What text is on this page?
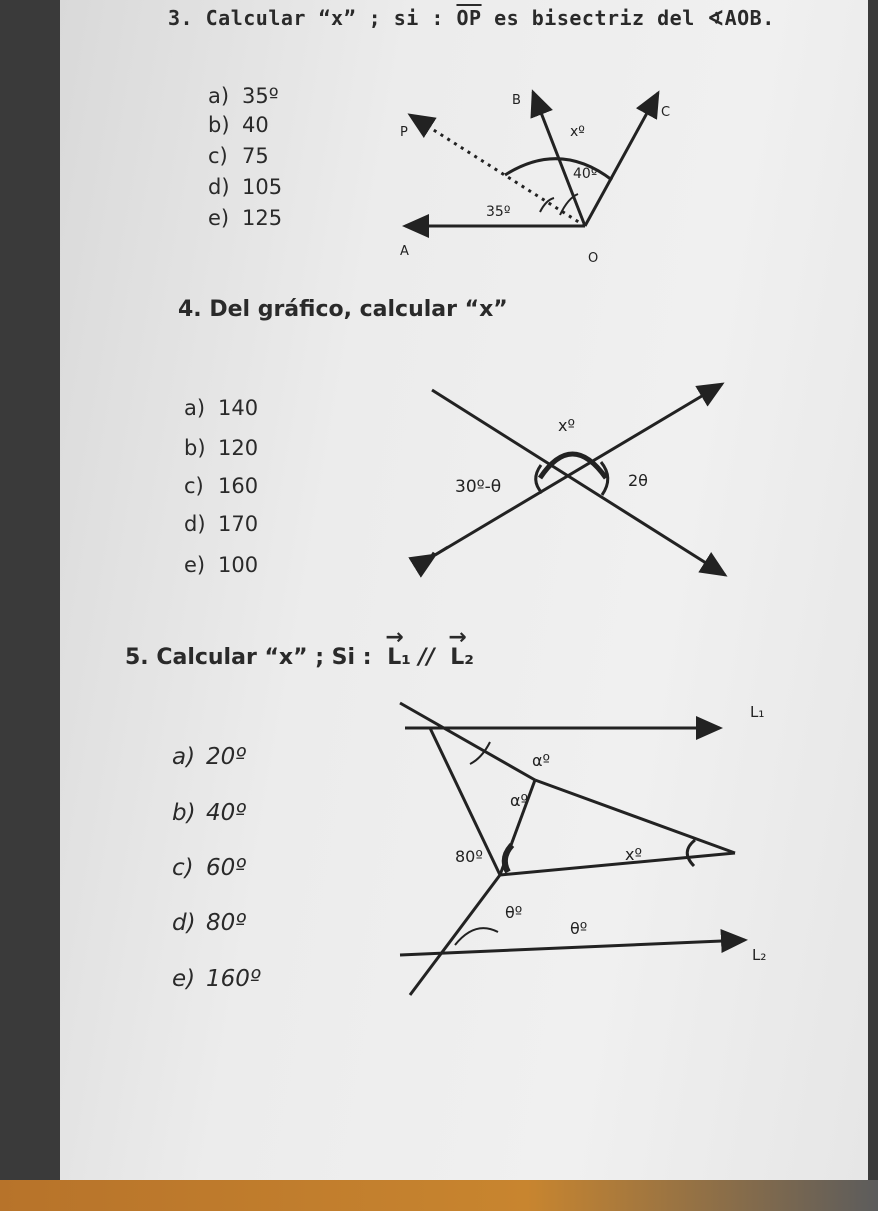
3. Calcular “x” ; si : $\overline{OP}$ es bisectriz del ∢AOB.
a) 35º
b) 40
c) 75
d) 105
e) 125
4. Del gráfico, calcular “x”
a) 140
b) 120
c) 160
d) 170
e) 100
5. Calcular “x” ; Si :
→
L₁ //
→
L₂
a) 20º
b) 40º
c) 60º
d) 80º
e) 160º
B
C
P
A	O
xº
40º
35º
xº
30º-θ	2θ
L₁
L₂
αº
αº
80º	xº
θº
θº
